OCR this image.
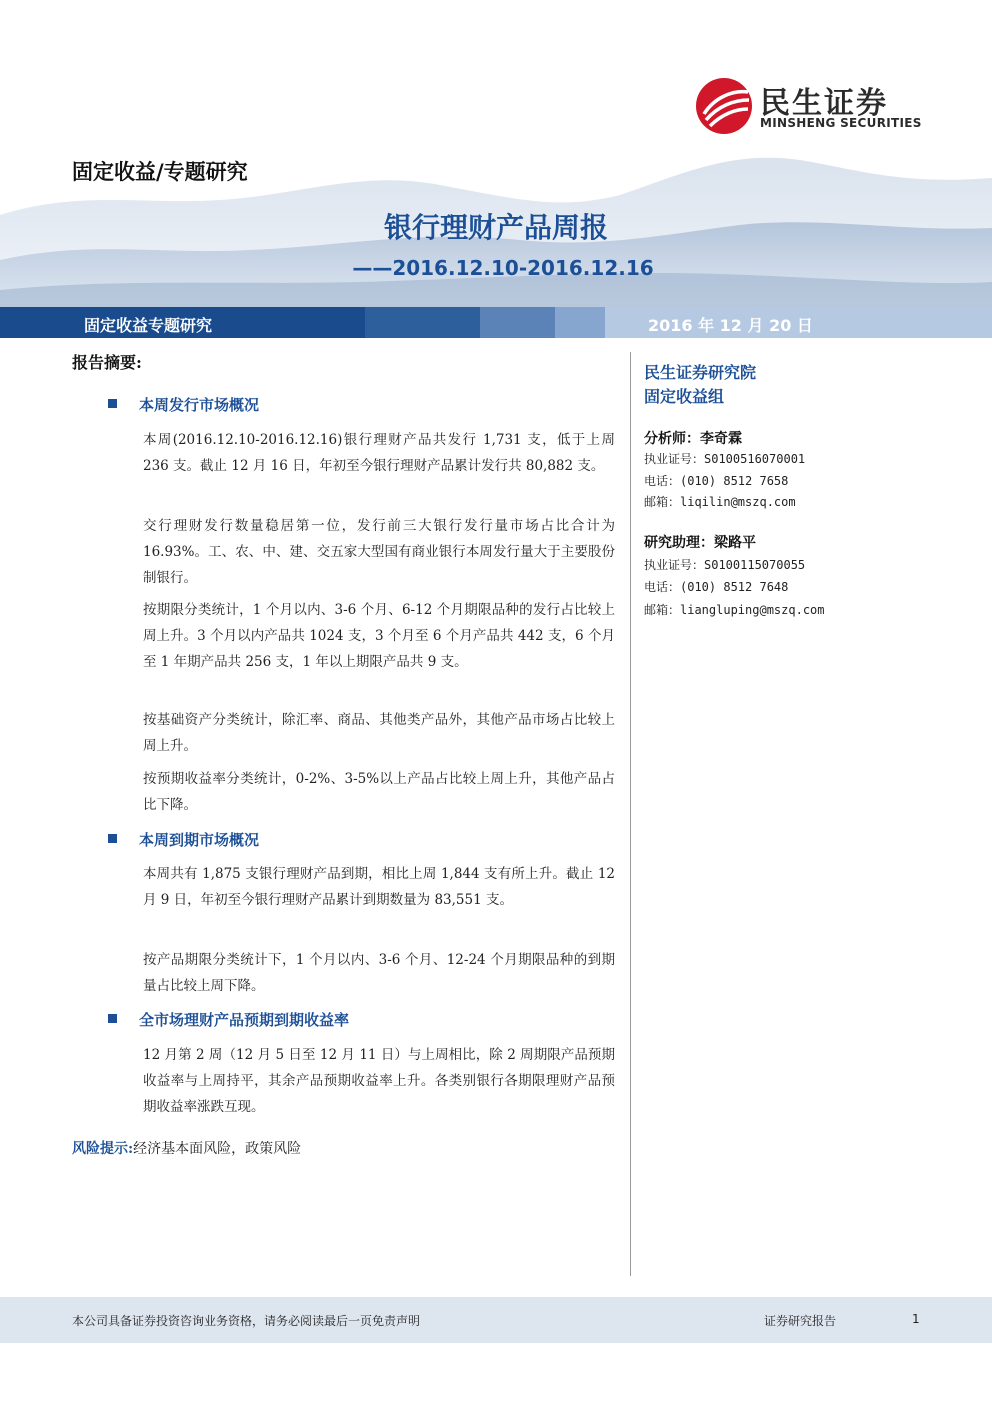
民生证券
MINSHENG SECURITIES
固定收益/专题研究
银行理财产品周报
——2016.12.10-2016.12.16
固定收益专题研究	2016 年 12 月 20 日
报告摘要:
本周发行市场概况
本周(2016.12.10-2016.12.16)银行理财产品共发行 1,731 支，低于上周 236 支。截止 12 月 16 日，年初至今银行理财产品累计发行共 80,882 支。
交行理财发行数量稳居第一位，发行前三大银行发行量市场占比合计为 16.93%。工、农、中、建、交五家大型国有商业银行本周发行量大于主要股份制银行。
按期限分类统计，1 个月以内、3-6 个月、6-12 个月期限品种的发行占比较上周上升。3 个月以内产品共 1024 支，3 个月至 6 个月产品共 442 支，6 个月至 1 年期产品共 256 支，1 年以上期限产品共 9 支。
按基础资产分类统计，除汇率、商品、其他类产品外，其他产品市场占比较上周上升。
按预期收益率分类统计，0-2%、3-5%以上产品占比较上周上升，其他产品占比下降。
本周到期市场概况
本周共有 1,875 支银行理财产品到期，相比上周 1,844 支有所上升。截止 12 月 9 日，年初至今银行理财产品累计到期数量为 83,551 支。
按产品期限分类统计下，1 个月以内、3-6 个月、12-24 个月期限品种的到期量占比较上周下降。
全市场理财产品预期到期收益率
12 月第 2 周（12 月 5 日至 12 月 11 日）与上周相比，除 2 周期限产品预期收益率与上周持平，其余产品预期收益率上升。各类别银行各期限理财产品预期收益率涨跌互现。
风险提示:经济基本面风险，政策风险
民生证券研究院
固定收益组
分析师：李奇霖
执业证号：S0100516070001
电话：(010) 8512 7658
邮箱：liqilin@mszq.com
研究助理：梁路平
执业证号：S0100115070055
电话：(010) 8512 7648
邮箱：liangluping@mszq.com
本公司具备证券投资咨询业务资格，请务必阅读最后一页免责声明	证券研究报告	1
